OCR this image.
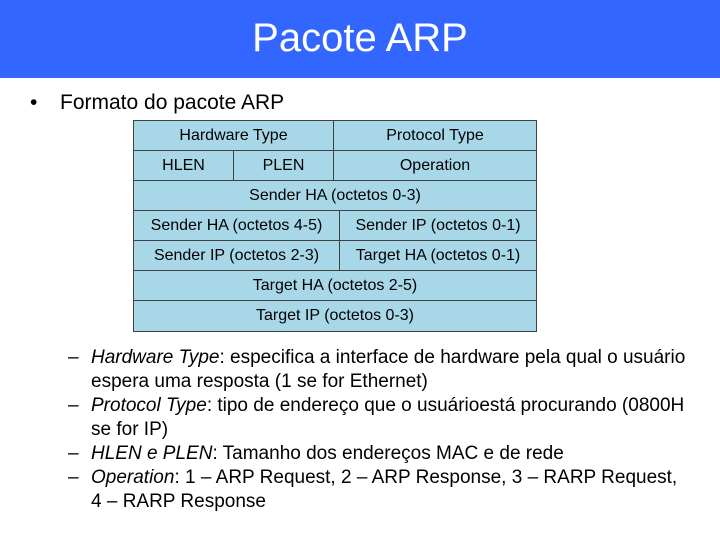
Pacote ARP
• Formato do pacote ARP
Hardware Type	Protocol Type
HLEN	PLEN	Operation
Sender HA (octetos 0-3)
Sender HA (octetos 4-5)	Sender IP (octetos 0-1)
Sender IP (octetos 2-3)	Target HA (octetos 0-1)
Target HA (octetos 2-5)
Target IP (octetos 0-3)
– Hardware Type: especifica a interface de hardware pela qual o usuário espera uma resposta (1 se for Ethernet)
– Protocol Type: tipo de endereço que o usuárioestá procurando (0800H se for IP)
– HLEN e PLEN: Tamanho dos endereços MAC e de rede
– Operation: 1 – ARP Request, 2 – ARP Response, 3 – RARP Request, 4 – RARP Response
